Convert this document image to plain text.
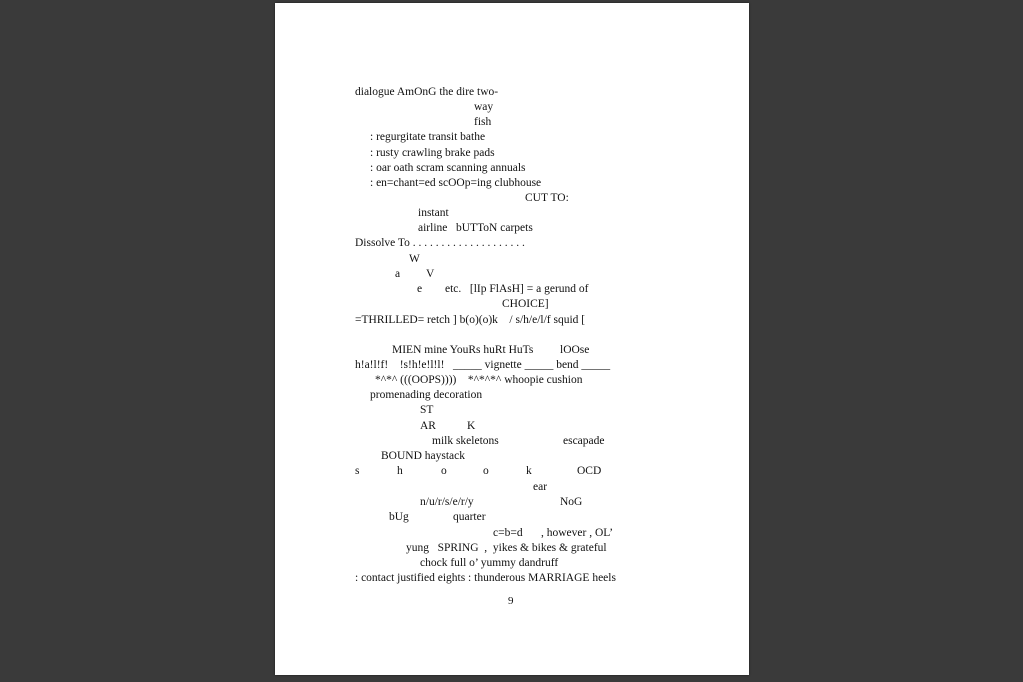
dialogue AmOnG the dire two-
way
fish
: regurgitate transit bathe
: rusty crawling brake pads
: oar oath scram scanning annuals
: en=chant=ed scOOp=ing clubhouse
CUT TO:
instant
airline   bUTToN carpets
Dissolve To . . . . . . . . . . . . . . . . . . . .
W
a V
e etc.   [lIp FlAsH] = a gerund of
CHOICE]
=THRILLED= retch ] b(o)(o)k    / s/h/e/l/f squid [
MIEN mine YouRs huRt HuTs lOOse
h!a!l!f!    !s!h!e!l!l!   _____ vignette _____ bend _____
*^*^ (((OOPS))))    *^*^*^ whoopie cushion
promenading decoration
ST
AR	K
milk skeletons	escapade
BOUND haystack
s	h	o	o	k	OCD
ear
n/u/r/s/e/r/y	NoG
bUg	quarter
c=b=d , however , OL’
yung   SPRING  ,  yikes & bikes & grateful
chock full o’ yummy dandruff
: contact justified eights : thunderous MARRIAGE heels
9
